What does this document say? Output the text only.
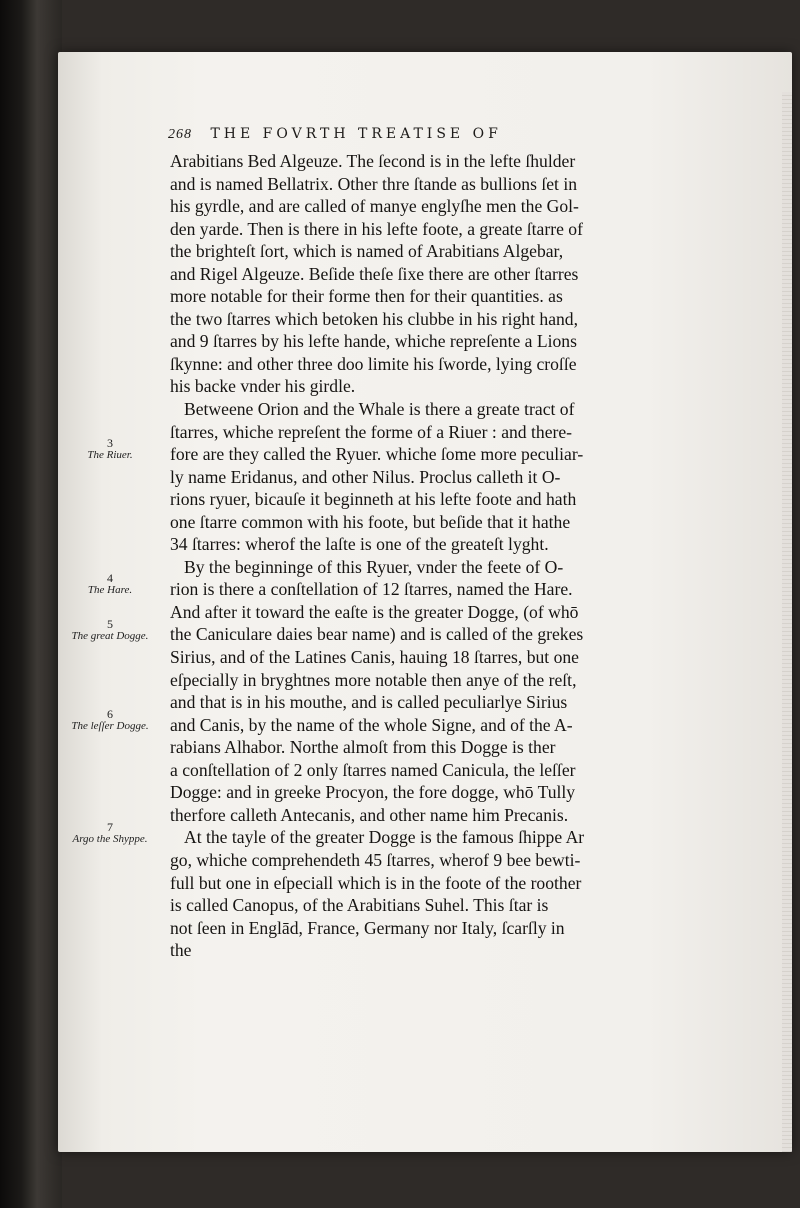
268 THE FOVRTH TREATISE OF
Arabitians Bed Algeuze. The ſecond is in the lefte ſhulder
and is named Bellatrix. Other thre ſtande as bullions ſet in
his gyrdle, and are called of manye englyſhe men the Gol-
den yarde. Then is there in his lefte foote, a greate ſtarre of
the brighteſt ſort, which is named of Arabitians Algebar,
and Rigel Algeuze. Beſide theſe ſixe there are other ſtarres
more notable for their forme then for their quantities. as
the two ſtarres which betoken his clubbe in his right hand,
and 9 ſtarres by his lefte hande, whiche repreſente a Lions
ſkynne: and other three doo limite his ſworde, lying croſſe
his backe vnder his girdle.
Betweene Orion and the Whale is there a greate tract of
ſtarres, whiche repreſent the forme of a Riuer : and there-
fore are they called the Ryuer. whiche ſome more peculiar-
ly name Eridanus, and other Nilus. Proclus calleth it O-
rions ryuer, bicauſe it beginneth at his lefte foote and hath
one ſtarre common with his foote, but beſide that it hathe
34 ſtarres: wherof the laſte is one of the greateſt lyght.
By the beginninge of this Ryuer, vnder the feete of O-
rion is there a conſtellation of 12 ſtarres, named the Hare.
And after it toward the eaſte is the greater Dogge, (of whō
the Caniculare daies bear name) and is called of the grekes
Sirius, and of the Latines Canis, hauing 18 ſtarres, but one
eſpecially in bryghtnes more notable then anye of the reſt,
and that is in his mouthe, and is called peculiarlye Sirius
and Canis, by the name of the whole Signe, and of the A-
rabians Alhabor. Northe almoſt from this Dogge is ther
a conſtellation of 2 only ſtarres named Canicula, the leſſer
Dogge: and in greeke Procyon, the fore dogge, whō Tully
therfore calleth Antecanis, and other name him Precanis.
At the tayle of the greater Dogge is the famous ſhippe Ar
go, whiche comprehendeth 45 ſtarres, wherof 9 bee bewti-
full but one in eſpeciall which is in the foote of the roother
is called Canopus, of the Arabitians Suhel. This ſtar is
not ſeen in Englād, France, Germany nor Italy, ſcarſly in
the
3
The Riuer.
4
The Hare.
5
The great Dogge.
6
The leſſer Dogge.
7
Argo the Shyppe.
